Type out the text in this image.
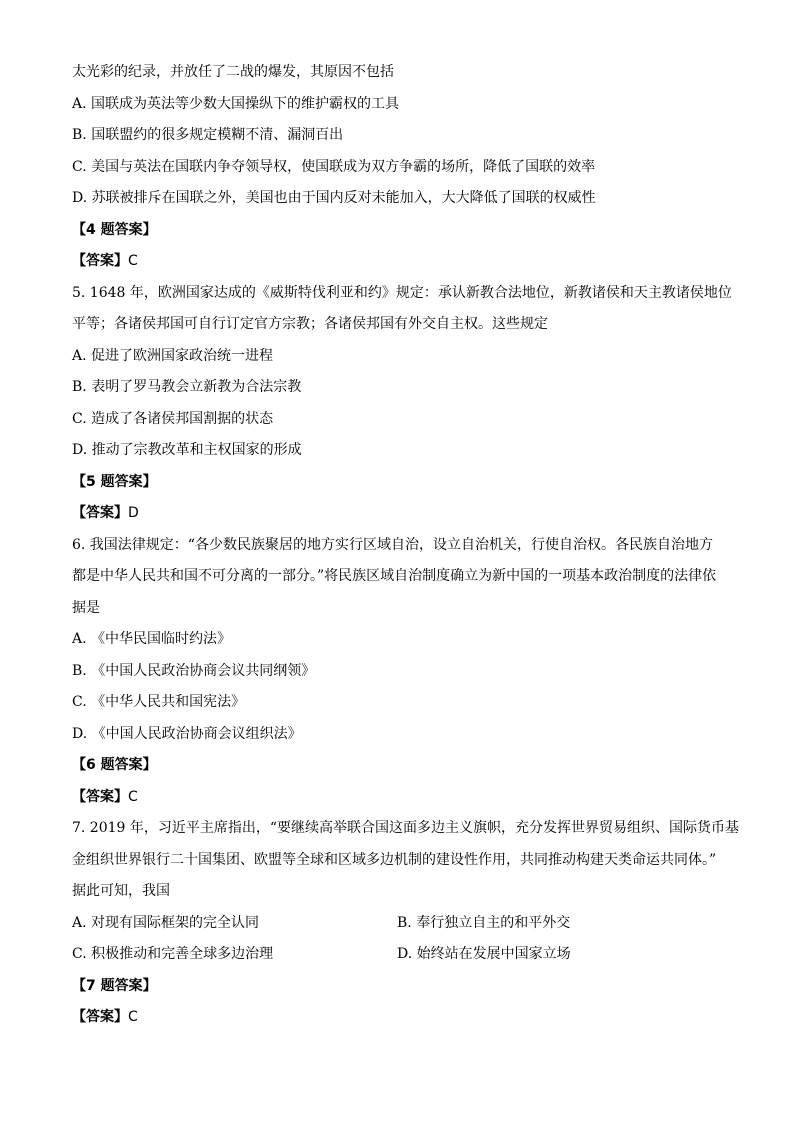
太光彩的纪录，并放任了二战的爆发，其原因不包括
A. 国联成为英法等少数大国操纵下的维护霸权的工具
B. 国联盟约的很多规定模糊不清、漏洞百出
C. 美国与英法在国联内争夺领导权，使国联成为双方争霸的场所，降低了国联的效率
D. 苏联被排斥在国联之外，美国也由于国内反对未能加入，大大降低了国联的权威性
【4 题答案】
【答案】C
5. 1648 年，欧洲国家达成的《威斯特伐利亚和约》规定：承认新教合法地位，新教诸侯和天主教诸侯地位
平等；各诸侯邦国可自行订定官方宗教；各诸侯邦国有外交自主权。这些规定
A. 促进了欧洲国家政治统一进程
B. 表明了罗马教会立新教为合法宗教
C. 造成了各诸侯邦国割据的状态
D. 推动了宗教改革和主权国家的形成
【5 题答案】
【答案】D
6. 我国法律规定：“各少数民族聚居的地方实行区域自治，设立自治机关，行使自治权。各民族自治地方
都是中华人民共和国不可分离的一部分。”将民族区域自治制度确立为新中国的一项基本政治制度的法律依
据是
A. 《中华民国临时约法》
B. 《中国人民政治协商会议共同纲领》
C. 《中华人民共和国宪法》
D. 《中国人民政治协商会议组织法》
【6 题答案】
【答案】C
7. 2019 年，习近平主席指出，“要继续高举联合国这面多边主义旗帜，充分发挥世界贸易组织、国际货币基
金组织世界银行二十国集团、欧盟等全球和区域多边机制的建设性作用，共同推动构建天类命运共同体。”
据此可知，我国
A. 对现有国际框架的完全认同	B. 奉行独立自主的和平外交
C. 积极推动和完善全球多边治理	D. 始终站在发展中国家立场
【7 题答案】
【答案】C
